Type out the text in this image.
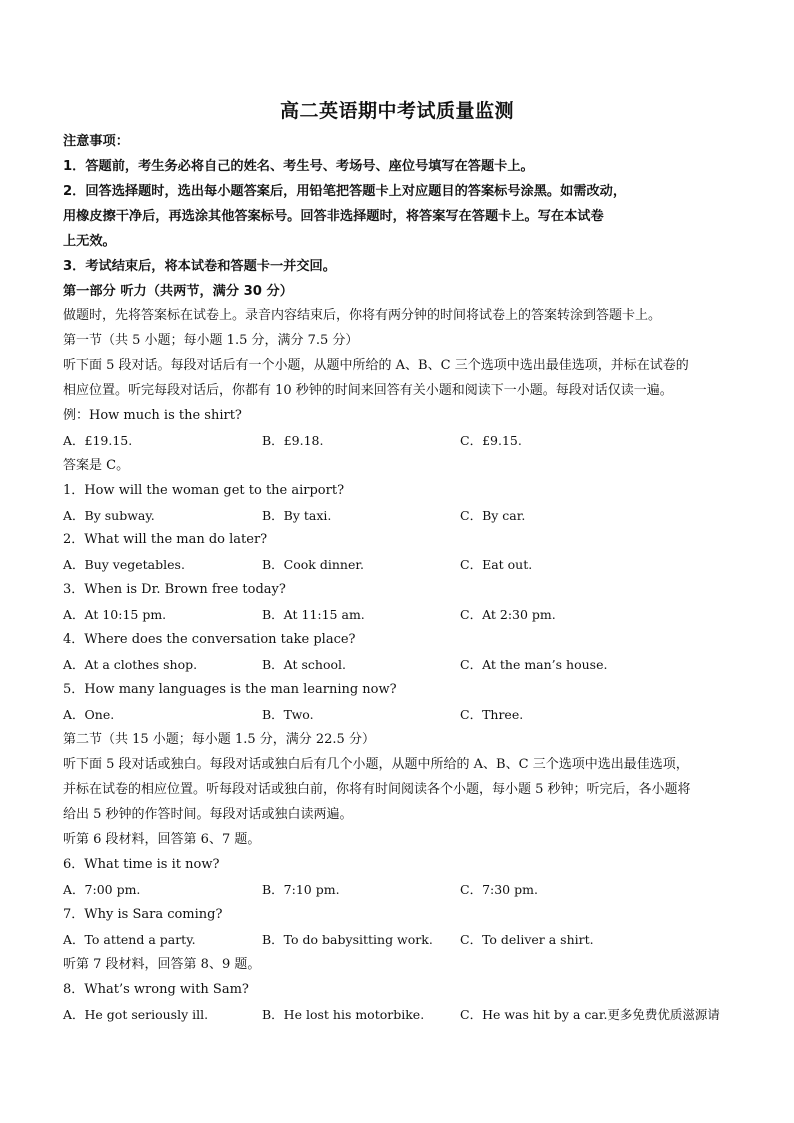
高二英语期中考试质量监测
注意事项：
1．答题前，考生务必将自己的姓名、考生号、考场号、座位号填写在答题卡上。
2．回答选择题时，选出每小题答案后，用铅笔把答题卡上对应题目的答案标号涂黑。如需改动，
用橡皮擦干净后，再选涂其他答案标号。回答非选择题时，将答案写在答题卡上。写在本试卷
上无效。
3．考试结束后，将本试卷和答题卡一并交回。
第一部分 听力（共两节，满分 30 分）
做题时，先将答案标在试卷上。录音内容结束后，你将有两分钟的时间将试卷上的答案转涂到答题卡上。
第一节（共 5 小题；每小题 1.5 分，满分 7.5 分）
听下面 5 段对话。每段对话后有一个小题，从题中所给的 A、B、C 三个选项中选出最佳选项，并标在试卷的
相应位置。听完每段对话后，你都有 10 秒钟的时间来回答有关小题和阅读下一小题。每段对话仅读一遍。
例：How much is the shirt?
A．£19.15.	B．£9.18.	C．£9.15.
答案是 C。
1．How will the woman get to the airport?
A．By subway.	B．By taxi.	C．By car.
2．What will the man do later?
A．Buy vegetables.	B．Cook dinner.	C．Eat out.
3．When is Dr. Brown free today?
A．At 10:15 pm.	B．At 11:15 am.	C．At 2:30 pm.
4．Where does the conversation take place?
A．At a clothes shop.	B．At school.	C．At the man’s house.
5．How many languages is the man learning now?
A．One.	B．Two.	C．Three.
第二节（共 15 小题；每小题 1.5 分，满分 22.5 分）
听下面 5 段对话或独白。每段对话或独白后有几个小题，从题中所给的 A、B、C 三个选项中选出最佳选项，
并标在试卷的相应位置。听每段对话或独白前，你将有时间阅读各个小题，每小题 5 秒钟；听完后，各小题将
给出 5 秒钟的作答时间。每段对话或独白读两遍。
听第 6 段材料，回答第 6、7 题。
6．What time is it now?
A．7:00 pm.	B．7:10 pm.	C．7:30 pm.
7．Why is Sara coming?
A．To attend a party.	B．To do babysitting work. C．To deliver a shirt.
听第 7 段材料，回答第 8、9 题。
8．What’s wrong with Sam?
A．He got seriously ill.	B．He lost his motorbike.	C．He was hit by a car.更多免费优质滋源请
